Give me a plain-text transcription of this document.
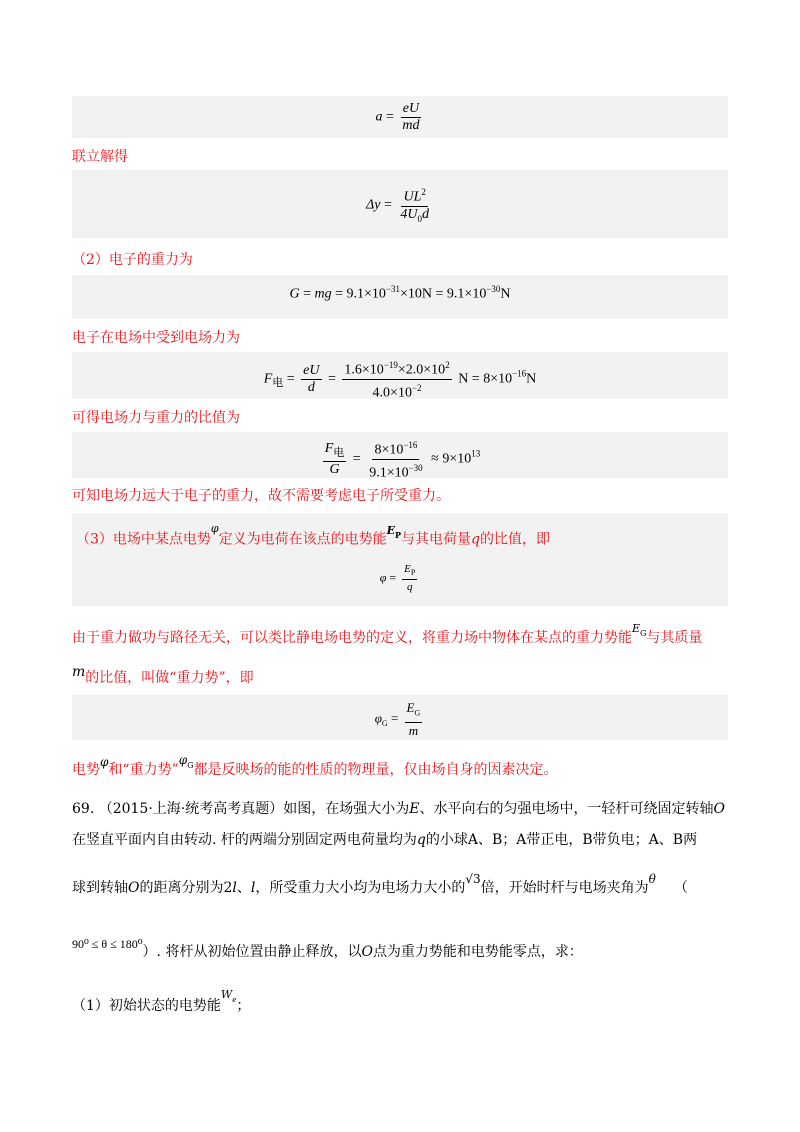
$a = \frac{eU}{md}$
联立解得
$\Delta y = \frac{UL^2}{4U_0d}$
（2）电子的重力为
G = mg = $9.1\times 10^{-31}\times 10N = 9.1\times 10^{-30}N$
电子在电场中受到电场力为
$F_电 = \frac{eU}{d} = \frac{1.6\times 10^{-19}\times 2.0\times 10^2}{4.0\times 10^{-2}}$ $N = 8\times 10^{-16}N$
可得电场力与重力的比值为
$\frac{F_电}{G} = \frac{8\times 10^{-16}}{9.1\times 10^{-30}} \approx 9\times 10^{13}$
可知电场力远大于电子的重力，故不需要考虑电子所受重力。
（3）电场中某点电势$^\varphi$定义为电荷在该点的电势能$E_P$与其电荷量q的比值，即
$\varphi = \frac{E_P}{q}$
由于重力做功与路径无关，可以类比静电场电势的定义，将重力场中物体在某点的重力势能$E_G$与其质量
m的比值，叫做“重力势”，即
$\varphi_G = \frac{E_G}{m}$
电势φ和“重力势$”\varphi_G$都是反映场的能的性质的物理量，仅由场自身的因素决定。
69. （2015·上海·统考高考真题）如图，在场强大小为E、水平向右的匀强电场中，一轻杆可绕固定转轴O
在竖直平面内自由转动. 杆的两端分别固定两电荷量均为q的小球A、B；A带正电，B带负电；A、B两
球到转轴O的距离分别为2l、l，所受重力大小均为电场力大小的√3倍，开始时杆与电场夹角为θ（
90⁰ ≤ θ ≤ 180⁰）. 将杆从初始位置由静止释放，以O点为重力势能和电势能零点，求：
（1）初始状态的电势能$W_e$；
